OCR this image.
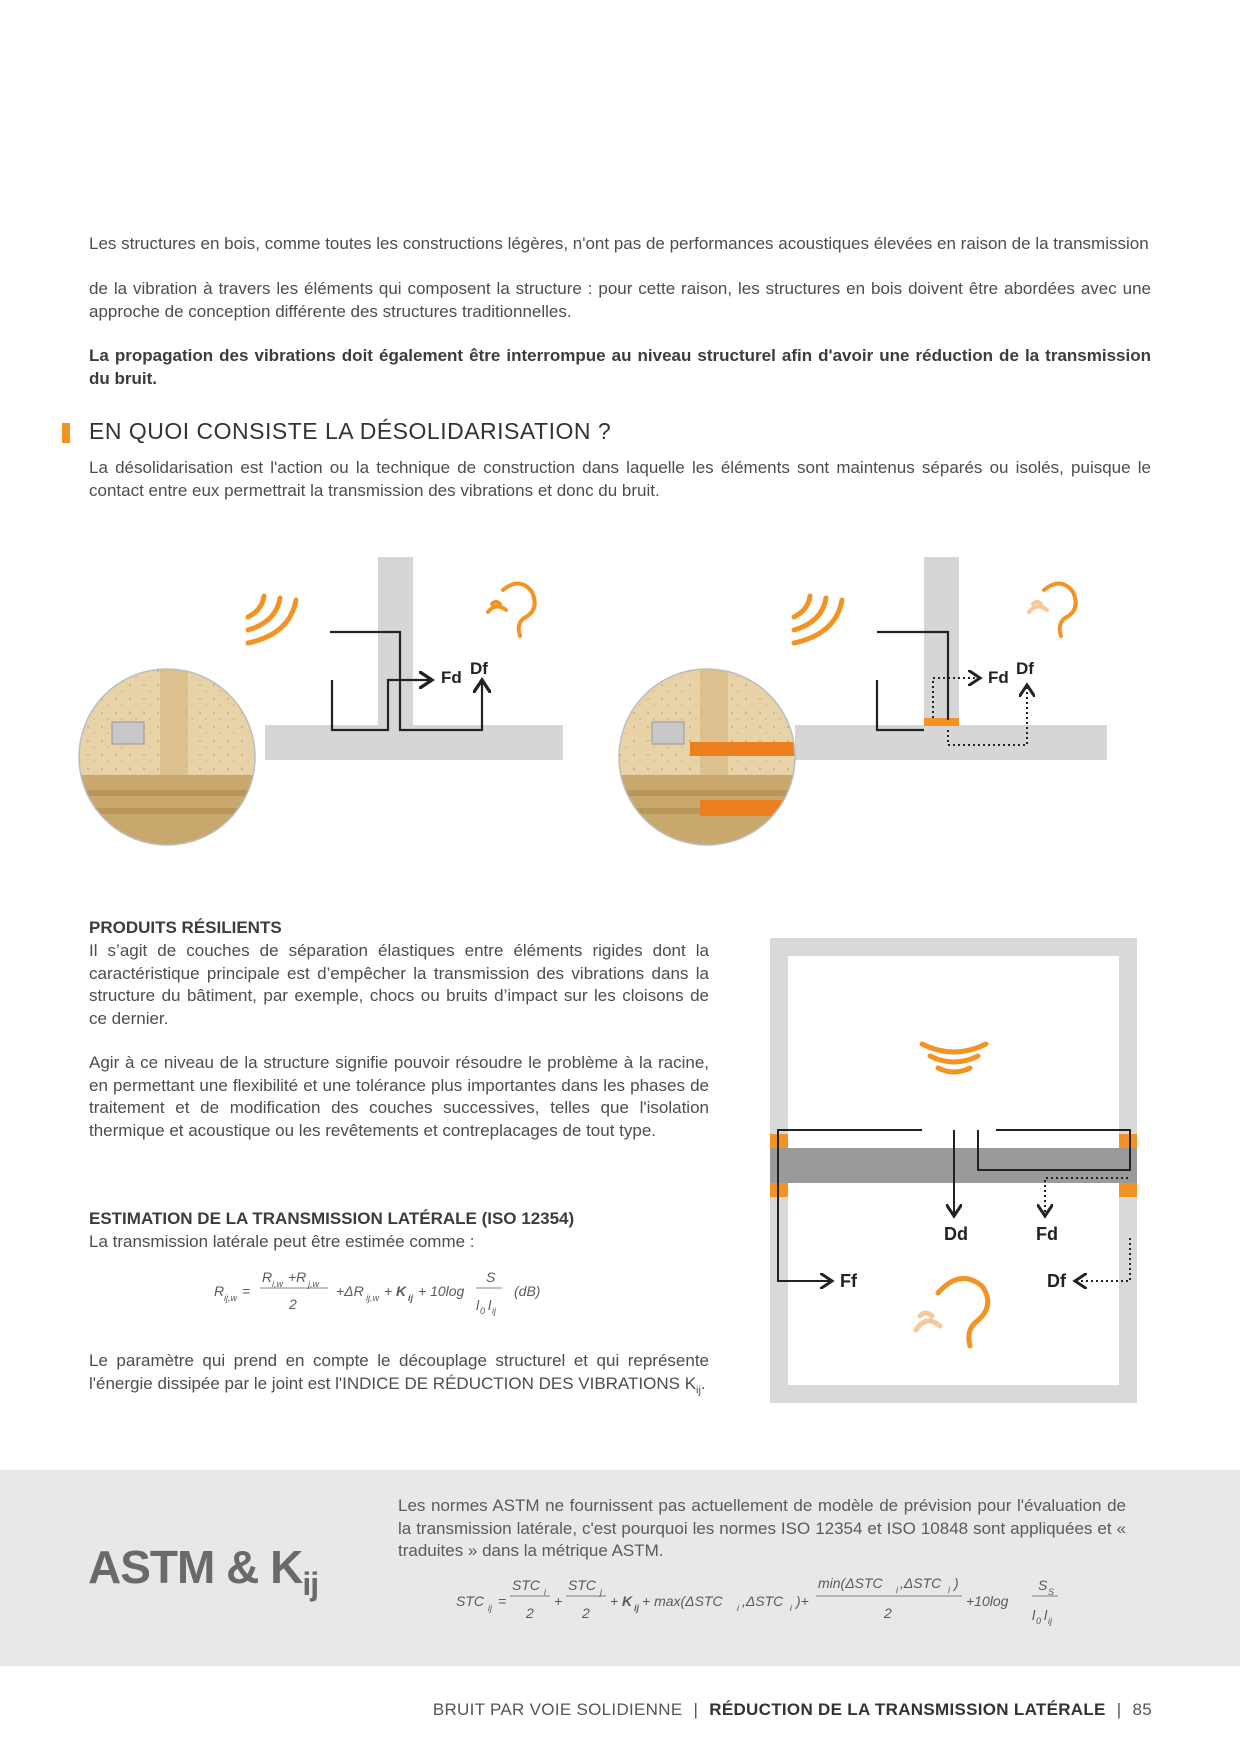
Les structures en bois, comme toutes les constructions légères, n'ont pas de performances acoustiques élevées en raison de la transmission
de la vibration à travers les éléments qui composent la structure : pour cette raison, les structures en bois doivent être abordées avec une approche de conception différente des structures traditionnelles.
La propagation des vibrations doit également être interrompue au niveau structurel afin d'avoir une réduction de la transmission du bruit.
EN QUOI CONSISTE LA DÉSOLIDARISATION ?
La désolidarisation est l'action ou la technique de construction dans laquelle les éléments sont maintenus séparés ou isolés, puisque le contact entre eux permettrait la transmission des vibrations et donc du bruit.
Fd Df	Fd Df
PRODUITS RÉSILIENTS
Il s’agit de couches de séparation élastiques entre éléments rigides dont la caractéristique principale est d’empêcher la transmission des vibrations dans la structure du bâtiment, par exemple, chocs ou bruits d’impact sur les cloisons de ce dernier.
Agir à ce niveau de la structure signifie pouvoir résoudre le problème à la racine, en permettant une flexibilité et une tolérance plus importantes dans les phases de traitement et de modification des couches successives, telles que l'isolation thermique et acoustique ou les revêtements et contreplacages de tout type.
ESTIMATION DE LA TRANSMISSION LATÉRALE (ISO 12354)
La transmission latérale peut être estimée comme :
R ij,w =
R i,w +R j,w
2
+ΔR ij,w + K ij + 10log
S
l 0 l ij
(dB)
Le paramètre qui prend en compte le découplage structurel et qui représente l'énergie dissipée par le joint est l'INDICE DE RÉDUCTION DES VIBRATIONS $K_{ij}$.
Dd	Fd
Ff	Df
ASTM & $K_{ij}$
Les normes ASTM ne fournissent pas actuellement de modèle de prévision pour l'évaluation de la transmission latérale, c'est pourquoi les normes ISO 12354 et ISO 10848 sont appliquées et « traduites » dans la métrique ASTM.
STC ij =
STC i
2
+
STC j
2
+ K ij + max(ΔSTC i ,ΔSTC i )+
min(ΔSTC i ,ΔSTC i )
2
+10log
S S
l 0 l ij
BRUIT PAR VOIE SOLIDIENNE | RÉDUCTION DE LA TRANSMISSION LATÉRALE | 85
